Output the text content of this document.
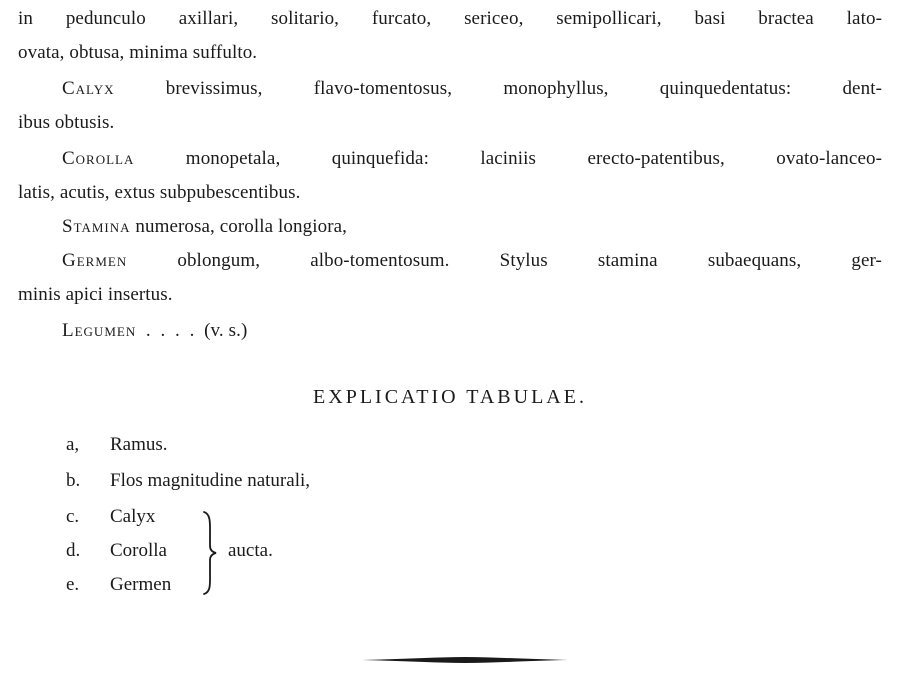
in pedunculo axillari, solitario, furcato, sericeo, semipollicari, basi bractea lato-
ovata, obtusa, minima suffulto.
Calyx brevissimus, flavo-tomentosus, monophyllus, quinquedentatus: dent-
ibus obtusis.
Corolla monopetala, quinquefida: laciniis erecto-patentibus, ovato-lanceo-
latis, acutis, extus subpubescentibus.
Stamina numerosa, corolla longiora,
Germen oblongum, albo-tomentosum. Stylus stamina subaequans, ger-
minis apici insertus.
Legumen  .  .  .  .  (v. s.)
EXPLICATIO TABULAE.
a, Ramus.
b. Flos magnitudine naturali,
c. Calyx
d. Corolla
e. Germen
aucta.
